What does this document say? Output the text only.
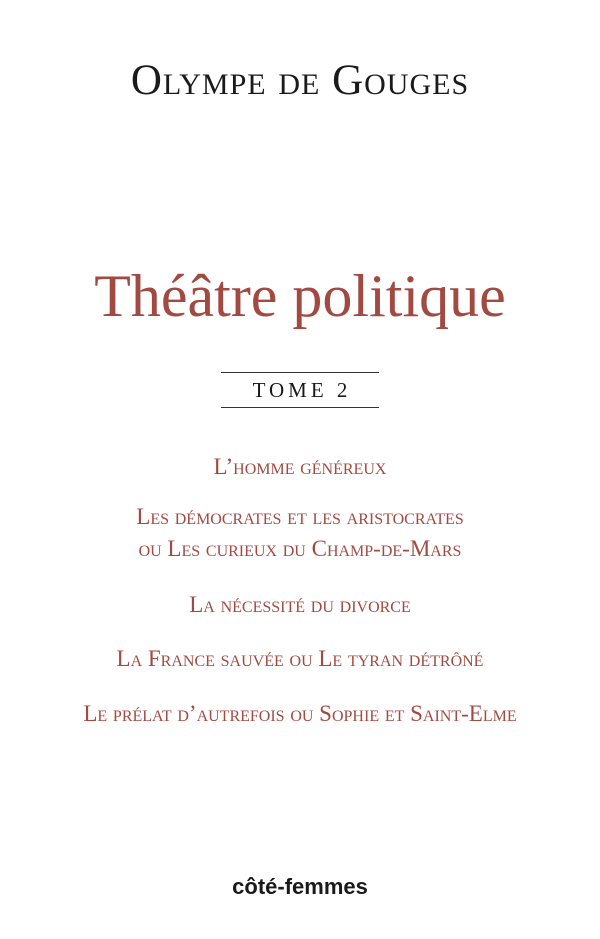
Olympe de Gouges
Théâtre politique
TOME 2
L’homme généreux
Les démocrates et les aristocrates
ou Les curieux du Champ-de-Mars
La nécessité du divorce
La France sauvée ou Le tyran détrôné
Le prélat d’autrefois ou Sophie et Saint-Elme
côté-femmes
